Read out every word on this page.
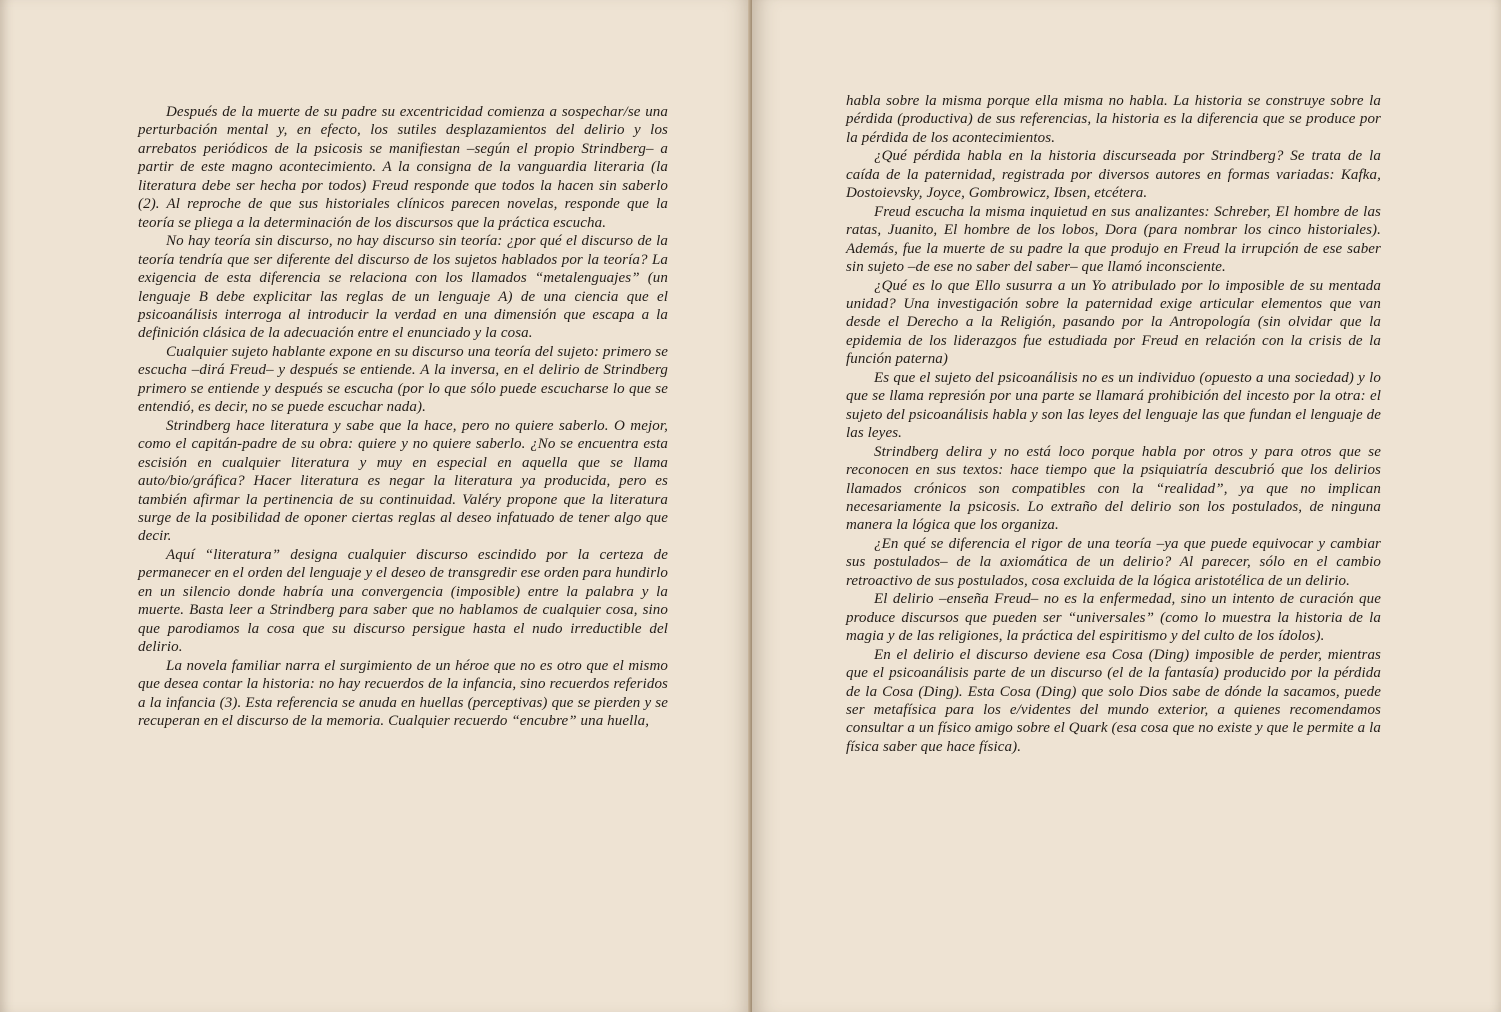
Después de la muerte de su padre su excentricidad comienza a sospechar/se una perturbación mental y, en efecto, los sutiles desplazamientos del delirio y los arrebatos periódicos de la psicosis se manifiestan –según el propio Strindberg– a partir de este magno acontecimiento. A la consigna de la vanguardia literaria (la literatura debe ser hecha por todos) Freud responde que todos la hacen sin saberlo (2). Al reproche de que sus historiales clínicos parecen novelas, responde que la teoría se pliega a la determinación de los discursos que la práctica escucha.

No hay teoría sin discurso, no hay discurso sin teoría: ¿por qué el discurso de la teoría tendría que ser diferente del discurso de los sujetos hablados por la teoría? La exigencia de esta diferencia se relaciona con los llamados “metalenguajes” (un lenguaje B debe explicitar las reglas de un lenguaje A) de una ciencia que el psicoanálisis interroga al introducir la verdad en una dimensión que escapa a la definición clásica de la adecuación entre el enunciado y la cosa.

Cualquier sujeto hablante expone en su discurso una teoría del sujeto: primero se escucha –dirá Freud– y después se entiende. A la inversa, en el delirio de Strindberg primero se entiende y después se escucha (por lo que sólo puede escucharse lo que se entendió, es decir, no se puede escuchar nada).

Strindberg hace literatura y sabe que la hace, pero no quiere saberlo. O mejor, como el capitán-padre de su obra: quiere y no quiere saberlo. ¿No se encuentra esta escisión en cualquier literatura y muy en especial en aquella que se llama auto/bio/gráfica? Hacer literatura es negar la literatura ya producida, pero es también afirmar la pertinencia de su continuidad. Valéry propone que la literatura surge de la posibilidad de oponer ciertas reglas al deseo infatuado de tener algo que decir.

Aquí “literatura” designa cualquier discurso escindido por la certeza de permanecer en el orden del lenguaje y el deseo de transgredir ese orden para hundirlo en un silencio donde habría una convergencia (imposible) entre la palabra y la muerte. Basta leer a Strindberg para saber que no hablamos de cualquier cosa, sino que parodiamos la cosa que su discurso persigue hasta el nudo irreductible del delirio.

La novela familiar narra el surgimiento de un héroe que no es otro que el mismo que desea contar la historia: no hay recuerdos de la infancia, sino recuerdos referidos a la infancia (3). Esta referencia se anuda en huellas (perceptivas) que se pierden y se recuperan en el discurso de la memoria. Cualquier recuerdo “encubre” una huella,

habla sobre la misma porque ella misma no habla. La historia se construye sobre la pérdida (productiva) de sus referencias, la historia es la diferencia que se produce por la pérdida de los acontecimientos.

¿Qué pérdida habla en la historia discurseada por Strindberg? Se trata de la caída de la paternidad, registrada por diversos autores en formas variadas: Kafka, Dostoievsky, Joyce, Gombrowicz, Ibsen, etcétera.

Freud escucha la misma inquietud en sus analizantes: Schreber, El hombre de las ratas, Juanito, El hombre de los lobos, Dora (para nombrar los cinco historiales). Además, fue la muerte de su padre la que produjo en Freud la irrupción de ese saber sin sujeto –de ese no saber del saber– que llamó inconsciente.

¿Qué es lo que Ello susurra a un Yo atribulado por lo imposible de su mentada unidad? Una investigación sobre la paternidad exige articular elementos que van desde el Derecho a la Religión, pasando por la Antropología (sin olvidar que la epidemia de los liderazgos fue estudiada por Freud en relación con la crisis de la función paterna)

Es que el sujeto del psicoanálisis no es un individuo (opuesto a una sociedad) y lo que se llama represión por una parte se llamará prohibición del incesto por la otra: el sujeto del psicoanálisis habla y son las leyes del lenguaje las que fundan el lenguaje de las leyes.

Strindberg delira y no está loco porque habla por otros y para otros que se reconocen en sus textos: hace tiempo que la psiquiatría descubrió que los delirios llamados crónicos son compatibles con la “realidad”, ya que no implican necesariamente la psicosis. Lo extraño del delirio son los postulados, de ninguna manera la lógica que los organiza.

¿En qué se diferencia el rigor de una teoría –ya que puede equivocar y cambiar sus postulados– de la axiomática de un delirio? Al parecer, sólo en el cambio retroactivo de sus postulados, cosa excluida de la lógica aristotélica de un delirio.

El delirio –enseña Freud– no es la enfermedad, sino un intento de curación que produce discursos que pueden ser “universales” (como lo muestra la historia de la magia y de las religiones, la práctica del espiritismo y del culto de los ídolos).

En el delirio el discurso deviene esa Cosa (Ding) imposible de perder, mientras que el psicoanálisis parte de un discurso (el de la fantasía) producido por la pérdida de la Cosa (Ding). Esta Cosa (Ding) que solo Dios sabe de dónde la sacamos, puede ser metafísica para los e/videntes del mundo exterior, a quienes recomendamos consultar a un físico amigo sobre el Quark (esa cosa que no existe y que le permite a la física saber que hace física).
